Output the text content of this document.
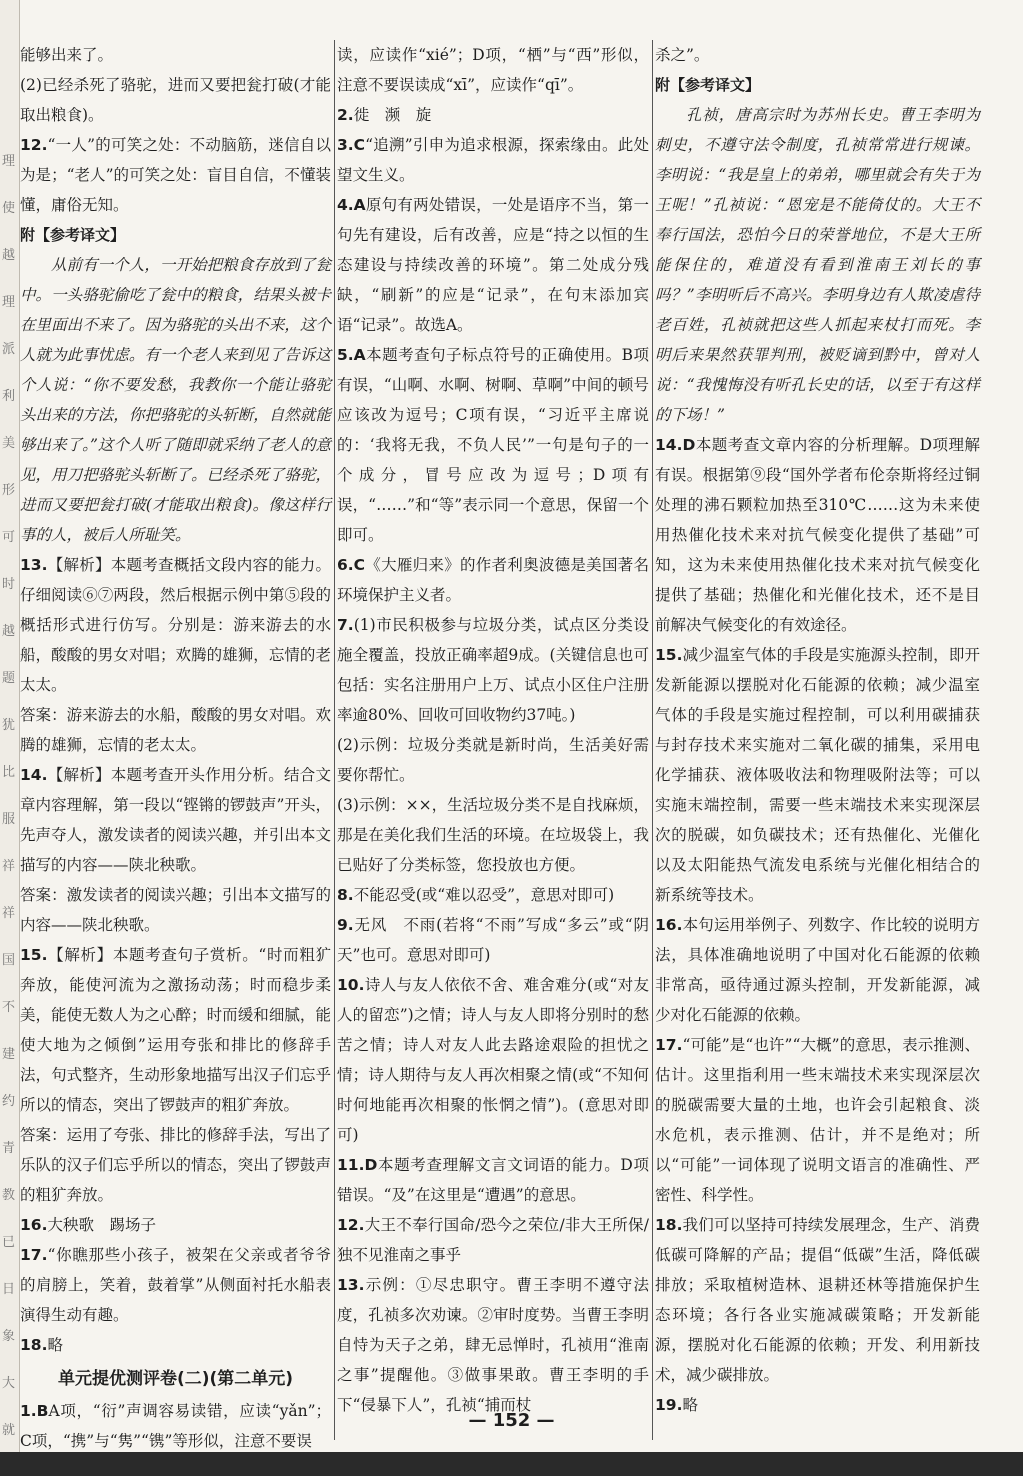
理
使
越
理
派
利
美
形
可
时
越
题
犹
比
服
祥
祥
国
不
建
约
青
教
已
日
象
大
就
能够出来了。
(2)已经杀死了骆驼，进而又要把瓮打破(才能取出粮食)。
12.“一人”的可笑之处：不动脑筋，迷信自以为是；“老人”的可笑之处：盲目自信，不懂装懂，庸俗无知。
附【参考译文】
从前有一个人，一开始把粮食存放到了瓮中。一头骆驼偷吃了瓮中的粮食，结果头被卡在里面出不来了。因为骆驼的头出不来，这个人就为此事忧虑。有一个老人来到见了告诉这个人说：“你不要发愁，我教你一个能让骆驼头出来的方法，你把骆驼的头斩断，自然就能够出来了。”这个人听了随即就采纳了老人的意见，用刀把骆驼头斩断了。已经杀死了骆驼，进而又要把瓮打破(才能取出粮食)。像这样行事的人，被后人所耻笑。
13.【解析】本题考查概括文段内容的能力。仔细阅读⑥⑦两段，然后根据示例中第⑤段的概括形式进行仿写。分别是：游来游去的水船，酸酸的男女对唱；欢腾的雄狮，忘情的老太太。
答案：游来游去的水船，酸酸的男女对唱。欢腾的雄狮，忘情的老太太。
14.【解析】本题考查开头作用分析。结合文章内容理解，第一段以“铿锵的锣鼓声”开头，先声夺人，激发读者的阅读兴趣，并引出本文描写的内容——陕北秧歌。
答案：激发读者的阅读兴趣；引出本文描写的内容——陕北秧歌。
15.【解析】本题考查句子赏析。“时而粗犷奔放，能使河流为之激扬动荡；时而稳步柔美，能使无数人为之心醉；时而缓和细腻，能使大地为之倾倒”运用夸张和排比的修辞手法，句式整齐，生动形象地描写出汉子们忘乎所以的情态，突出了锣鼓声的粗犷奔放。
答案：运用了夸张、排比的修辞手法，写出了乐队的汉子们忘乎所以的情态，突出了锣鼓声的粗犷奔放。
16.大秧歌　踢场子
17.“你瞧那些小孩子，被架在父亲或者爷爷的肩膀上，笑着，鼓着掌”从侧面衬托水船表演得生动有趣。
18.略
单元提优测评卷(二)(第二单元)
1.BA项，“衍”声调容易读错，应读“yǎn”；C项，“携”与“隽”“镌”等形似，注意不要误
读，应读作“xié”；D项，“栖”与“西”形似，注意不要误读成“xī”，应读作“qī”。
2.徙　濒　旋
3.C“追溯”引申为追求根源，探索缘由。此处望文生义。
4.A原句有两处错误，一处是语序不当，第一句先有建设，后有改善，应是“持之以恒的生态建设与持续改善的环境”。第二处成分残缺，“刷新”的应是“记录”，在句末添加宾语“记录”。故选A。
5.A本题考查句子标点符号的正确使用。B项有误，“山啊、水啊、树啊、草啊”中间的顿号应该改为逗号；C项有误，“习近平主席说的：‘我将无我，不负人民’”一句是句子的一个成分，冒号应改为逗号；D项有误，“……”和“等”表示同一个意思，保留一个即可。
6.C《大雁归来》的作者利奥波德是美国著名环境保护主义者。
7.(1)市民积极参与垃圾分类，试点区分类设施全覆盖，投放正确率超9成。(关键信息也可包括：实名注册用户上万、试点小区住户注册率逾80%、回收可回收物约37吨。)
(2)示例：垃圾分类就是新时尚，生活美好需要你帮忙。
(3)示例：××，生活垃圾分类不是自找麻烦，那是在美化我们生活的环境。在垃圾袋上，我已贴好了分类标签，您投放也方便。
8.不能忍受(或“难以忍受”，意思对即可)
9.无风　不雨(若将“不雨”写成“多云”或“阴天”也可。意思对即可)
10.诗人与友人依依不舍、难舍难分(或“对友人的留恋”)之情；诗人与友人即将分别时的愁苦之情；诗人对友人此去路途艰险的担忧之情；诗人期待与友人再次相聚之情(或“不知何时何地能再次相聚的怅惘之情”)。(意思对即可)
11.D本题考查理解文言文词语的能力。D项错误。“及”在这里是“遭遇”的意思。
12.大王不奉行国命/恐今之荣位/非大王所保/独不见淮南之事乎
13.示例：①尽忠职守。曹王李明不遵守法度，孔祯多次劝谏。②审时度势。当曹王李明自恃为天子之弟，肆无忌惮时，孔祯用“淮南之事”提醒他。③做事果敢。曹王李明的手下“侵暴下人”，孔祯“捕而杖
杀之”。
附【参考译文】
孔祯，唐高宗时为苏州长史。曹王李明为刺史，不遵守法令制度，孔祯常常进行规谏。李明说：“我是皇上的弟弟，哪里就会有失于为王呢！”孔祯说：“恩宠是不能倚仗的。大王不奉行国法，恐怕今日的荣誉地位，不是大王所能保住的，难道没有看到淮南王刘长的事吗？”李明听后不高兴。李明身边有人欺凌虐待老百姓，孔祯就把这些人抓起来杖打而死。李明后来果然获罪判刑，被贬谪到黔中，曾对人说：“我愧悔没有听孔长史的话，以至于有这样的下场！”
14.D本题考查文章内容的分析理解。D项理解有误。根据第⑨段“国外学者布伦奈斯将经过铜处理的沸石颗粒加热至310℃……这为未来使用热催化技术来对抗气候变化提供了基础”可知，这为未来使用热催化技术来对抗气候变化提供了基础；热催化和光催化技术，还不是目前解决气候变化的有效途径。
15.减少温室气体的手段是实施源头控制，即开发新能源以摆脱对化石能源的依赖；减少温室气体的手段是实施过程控制，可以利用碳捕获与封存技术来实施对二氧化碳的捕集，采用电化学捕获、液体吸收法和物理吸附法等；可以实施末端控制，需要一些末端技术来实现深层次的脱碳，如负碳技术；还有热催化、光催化以及太阳能热气流发电系统与光催化相结合的新系统等技术。
16.本句运用举例子、列数字、作比较的说明方法，具体准确地说明了中国对化石能源的依赖非常高，亟待通过源头控制，开发新能源，减少对化石能源的依赖。
17.“可能”是“也许”“大概”的意思，表示推测、估计。这里指利用一些末端技术来实现深层次的脱碳需要大量的土地，也许会引起粮食、淡水危机，表示推测、估计，并不是绝对；所以“可能”一词体现了说明文语言的准确性、严密性、科学性。
18.我们可以坚持可持续发展理念，生产、消费低碳可降解的产品；提倡“低碳”生活，降低碳排放；采取植树造林、退耕还林等措施保护生态环境；各行各业实施减碳策略；开发新能源，摆脱对化石能源的依赖；开发、利用新技术，减少碳排放。
19.略
— 152 —
